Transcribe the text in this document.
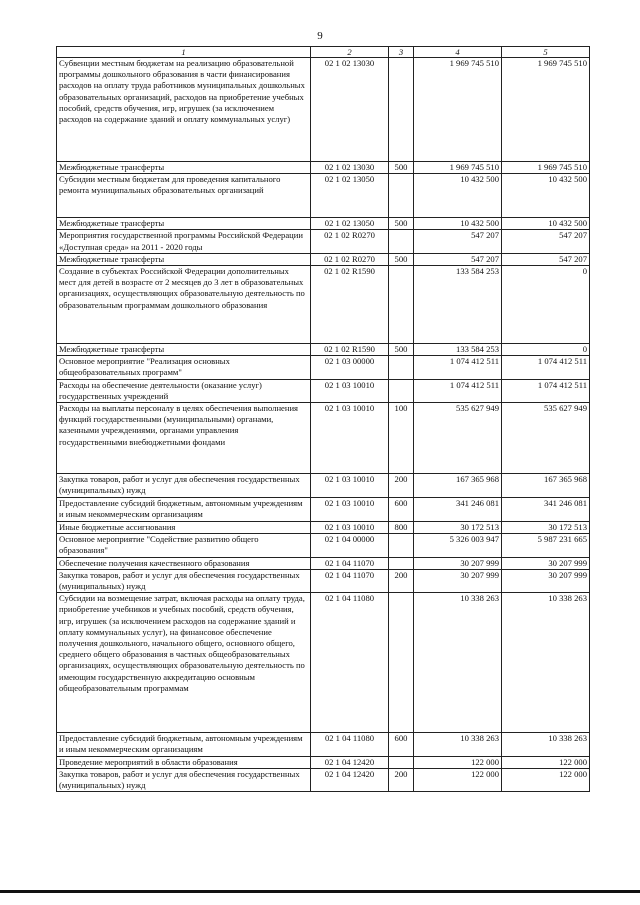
9
1	2	3	4	5
Субвенции местным бюджетам на реализацию образовательной программы дошкольного образования в части финансирования расходов на оплату труда работников муниципальных дошкольных образовательных организаций, расходов на приобретение учебных пособий, средств обучения, игр, игрушек (за исключением расходов на содержание зданий и оплату коммунальных услуг)	02 1 02 13030		1 969 745 510	1 969 745 510
Межбюджетные трансферты	02 1 02 13030	500	1 969 745 510	1 969 745 510
Субсидии местным бюджетам для проведения капитального ремонта муниципальных образовательных организаций	02 1 02 13050		10 432 500	10 432 500
Межбюджетные трансферты	02 1 02 13050	500	10 432 500	10 432 500
Мероприятия государственной программы Российской Федерации «Доступная среда» на 2011 - 2020 годы	02 1 02 R0270		547 207	547 207
Межбюджетные трансферты	02 1 02 R0270	500	547 207	547 207
Создание в субъектах Российской Федерации дополнительных мест для детей в возрасте от 2 месяцев до 3 лет в образовательных организациях, осуществляющих образовательную деятельность по образовательным программам дошкольного образования	02 1 02 R1590		133 584 253	0
Межбюджетные трансферты	02 1 02 R1590	500	133 584 253	0
Основное мероприятие "Реализация основных общеобразовательных программ"	02 1 03 00000		1 074 412 511	1 074 412 511
Расходы на обеспечение деятельности (оказание услуг) государственных учреждений	02 1 03 10010		1 074 412 511	1 074 412 511
Расходы на выплаты персоналу в целях обеспечения выполнения функций государственными (муниципальными) органами, казенными учреждениями, органами управления государственными внебюджетными фондами	02 1 03 10010	100	535 627 949	535 627 949
Закупка товаров, работ и услуг для обеспечения государственных (муниципальных) нужд	02 1 03 10010	200	167 365 968	167 365 968
Предоставление субсидий бюджетным, автономным учреждениям и иным некоммерческим организациям	02 1 03 10010	600	341 246 081	341 246 081
Иные бюджетные ассигнования	02 1 03 10010	800	30 172 513	30 172 513
Основное мероприятие "Содействие развитию общего образования"	02 1 04 00000		5 326 003 947	5 987 231 665
Обеспечение получения качественного образования	02 1 04 11070		30 207 999	30 207 999
Закупка товаров, работ и услуг для обеспечения государственных (муниципальных) нужд	02 1 04 11070	200	30 207 999	30 207 999
Субсидии на возмещение затрат, включая расходы на оплату труда, приобретение учебников и учебных пособий, средств обучения, игр, игрушек (за исключением расходов на содержание зданий и оплату коммунальных услуг), на финансовое обеспечение получения дошкольного, начального общего, основного общего, среднего общего образования в частных общеобразовательных организациях, осуществляющих образовательную деятельность по имеющим государственную аккредитацию основным общеобразовательным программам	02 1 04 11080		10 338 263	10 338 263
Предоставление субсидий бюджетным, автономным учреждениям и иным некоммерческим организациям	02 1 04 11080	600	10 338 263	10 338 263
Проведение мероприятий в области образования	02 1 04 12420		122 000	122 000
Закупка товаров, работ и услуг для обеспечения государственных (муниципальных) нужд	02 1 04 12420	200	122 000	122 000
